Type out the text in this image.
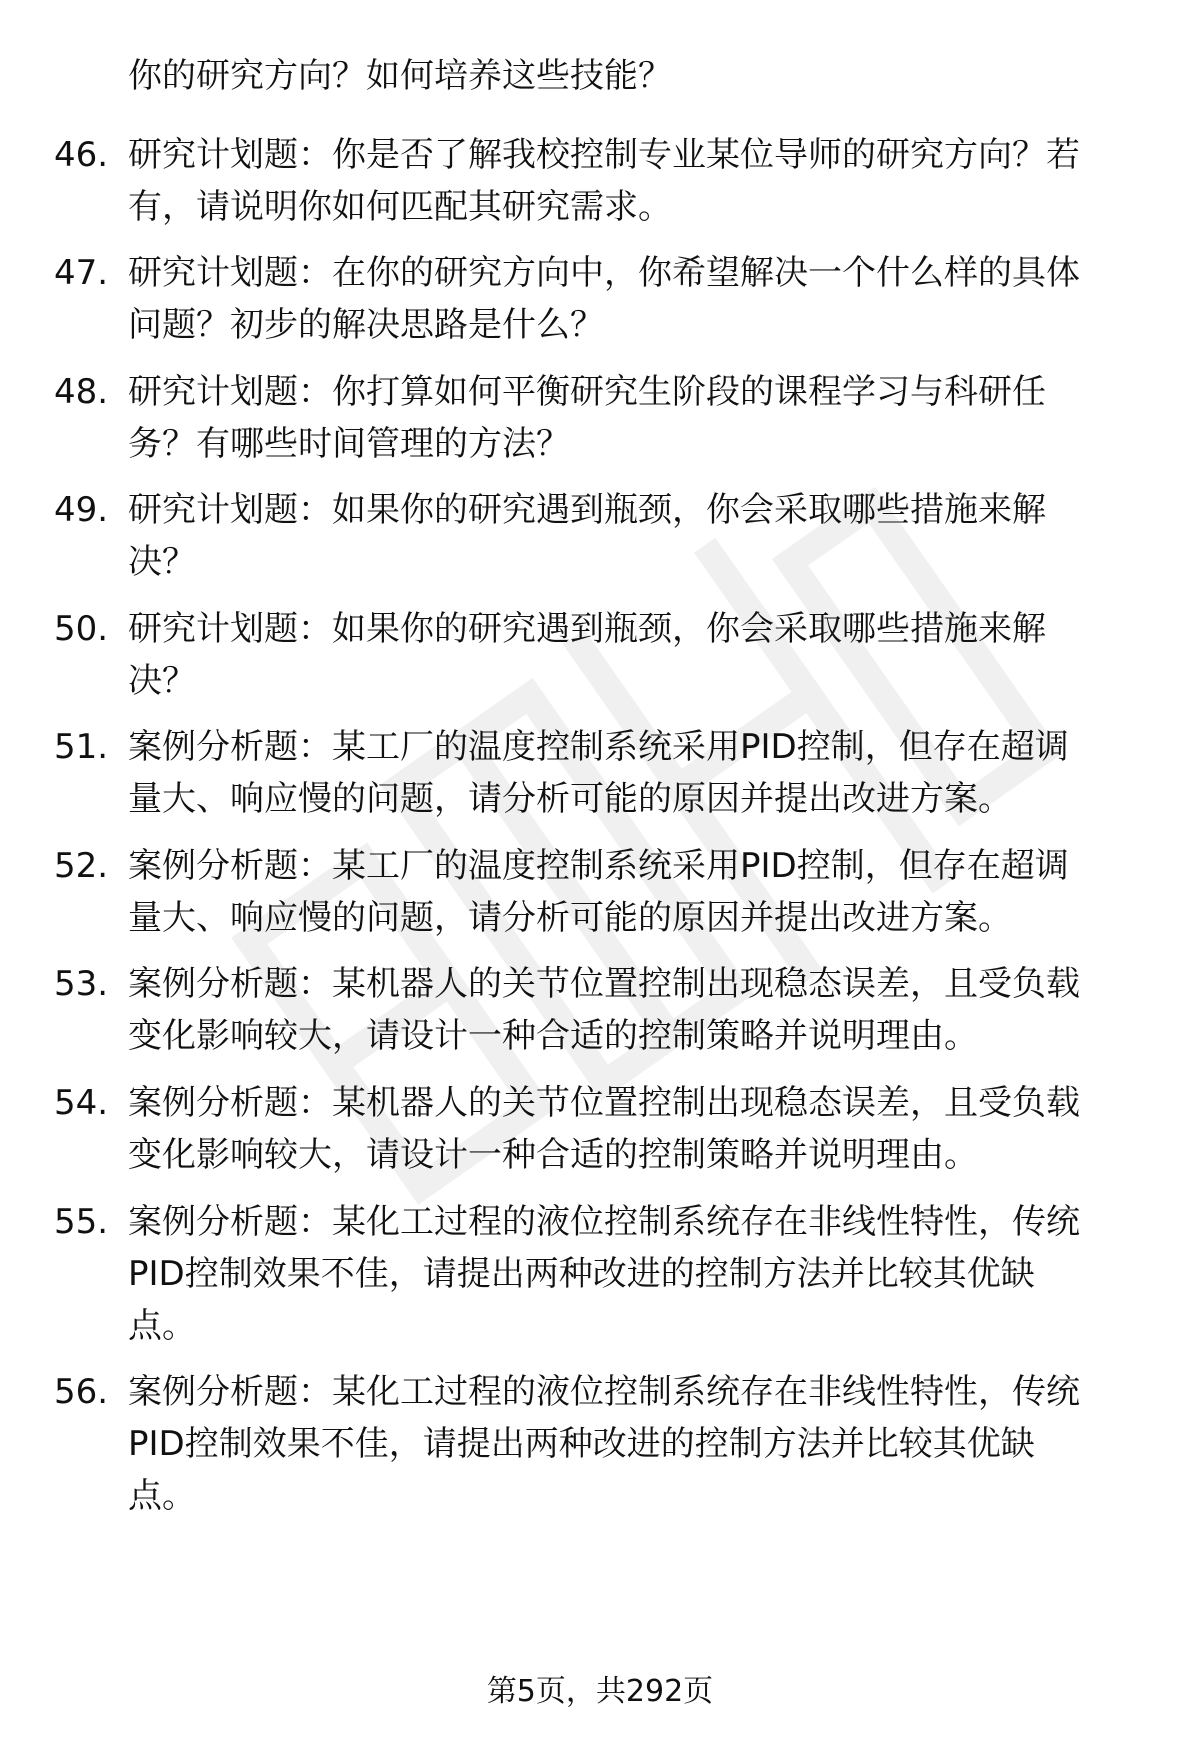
你的研究方向？如何培养这些技能？
46. 研究计划题：你是否了解我校控制专业某位导师的研究方向？若
有，请说明你如何匹配其研究需求。
47. 研究计划题：在你的研究方向中，你希望解决一个什么样的具体
问题？初步的解决思路是什么？
48. 研究计划题：你打算如何平衡研究生阶段的课程学习与科研任
务？有哪些时间管理的方法？
49. 研究计划题：如果你的研究遇到瓶颈，你会采取哪些措施来解
决？
50. 研究计划题：如果你的研究遇到瓶颈，你会采取哪些措施来解
决？
51. 案例分析题：某工厂的温度控制系统采用PID控制，但存在超调
量大、响应慢的问题，请分析可能的原因并提出改进方案。
52. 案例分析题：某工厂的温度控制系统采用PID控制，但存在超调
量大、响应慢的问题，请分析可能的原因并提出改进方案。
53. 案例分析题：某机器人的关节位置控制出现稳态误差，且受负载
变化影响较大，请设计一种合适的控制策略并说明理由。
54. 案例分析题：某机器人的关节位置控制出现稳态误差，且受负载
变化影响较大，请设计一种合适的控制策略并说明理由。
55. 案例分析题：某化工过程的液位控制系统存在非线性特性，传统
PID控制效果不佳，请提出两种改进的控制方法并比较其优缺
点。
56. 案例分析题：某化工过程的液位控制系统存在非线性特性，传统
PID控制效果不佳，请提出两种改进的控制方法并比较其优缺
点。
第5页，共292页
